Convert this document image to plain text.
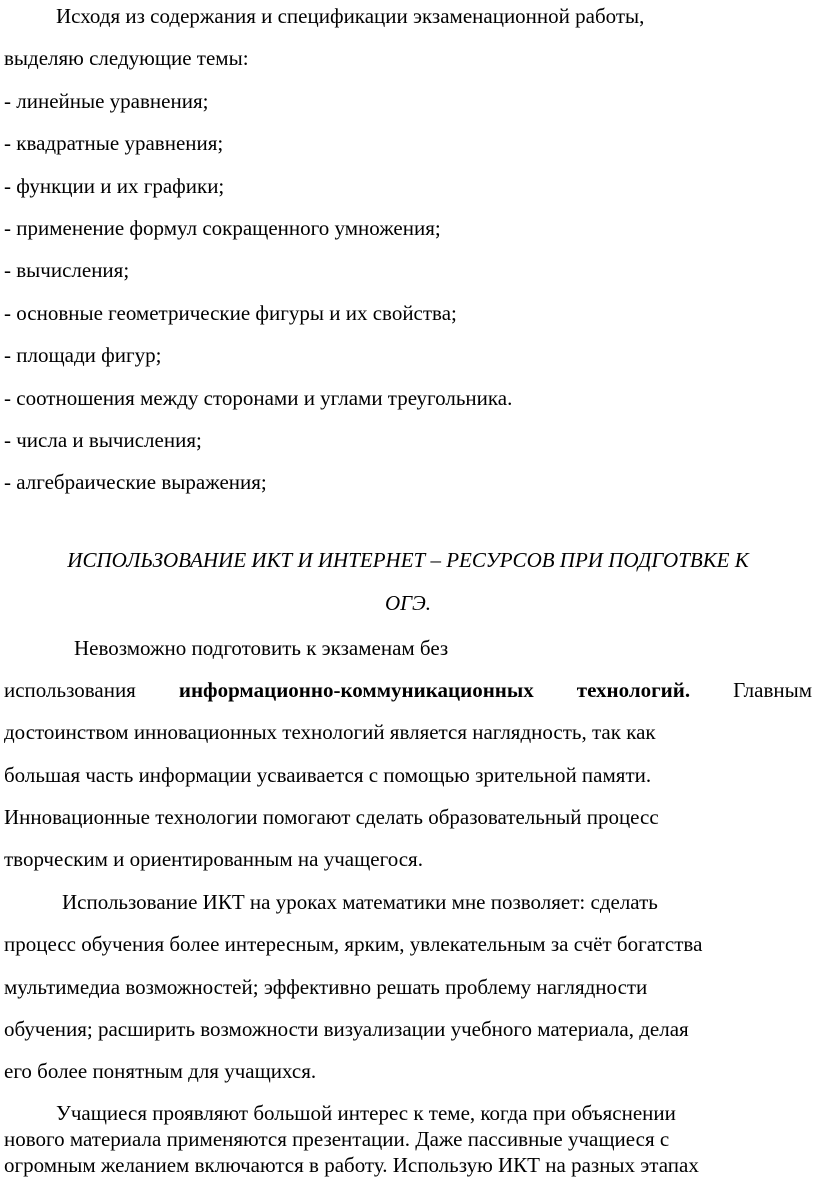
Исходя из содержания и спецификации экзаменационной работы,
выделяю следующие темы:
- линейные уравнения;
- квадратные уравнения;
- функции и их графики;
- применение формул сокращенного умножения;
- вычисления;
- основные геометрические фигуры и их свойства;
- площади фигур;
- соотношения между сторонами и углами треугольника.
- числа и вычисления;
- алгебраические выражения;
ИСПОЛЬЗОВАНИЕ ИКТ И ИНТЕРНЕТ – РЕСУРСОВ ПРИ ПОДГОТВКЕ К
ОГЭ.
Невозможно подготовить к экзаменам без
использования информационно-коммуникационных технологий. Главным
достоинством инновационных технологий является наглядность, так как
большая часть информации усваивается с помощью зрительной памяти.
Инновационные технологии помогают сделать образовательный процесс
творческим и ориентированным на учащегося.
Использование ИКТ на уроках математики мне позволяет: сделать
процесс обучения более интересным, ярким, увлекательным за счёт богатства
мультимедиа возможностей; эффективно решать проблему наглядности
обучения; расширить возможности визуализации учебного материала, делая
его более понятным для учащихся.
Учащиеся проявляют большой интерес к теме, когда при объяснении
нового материала применяются презентации. Даже пассивные учащиеся с
огромным желанием включаются в работу. Использую ИКТ на разных этапах
